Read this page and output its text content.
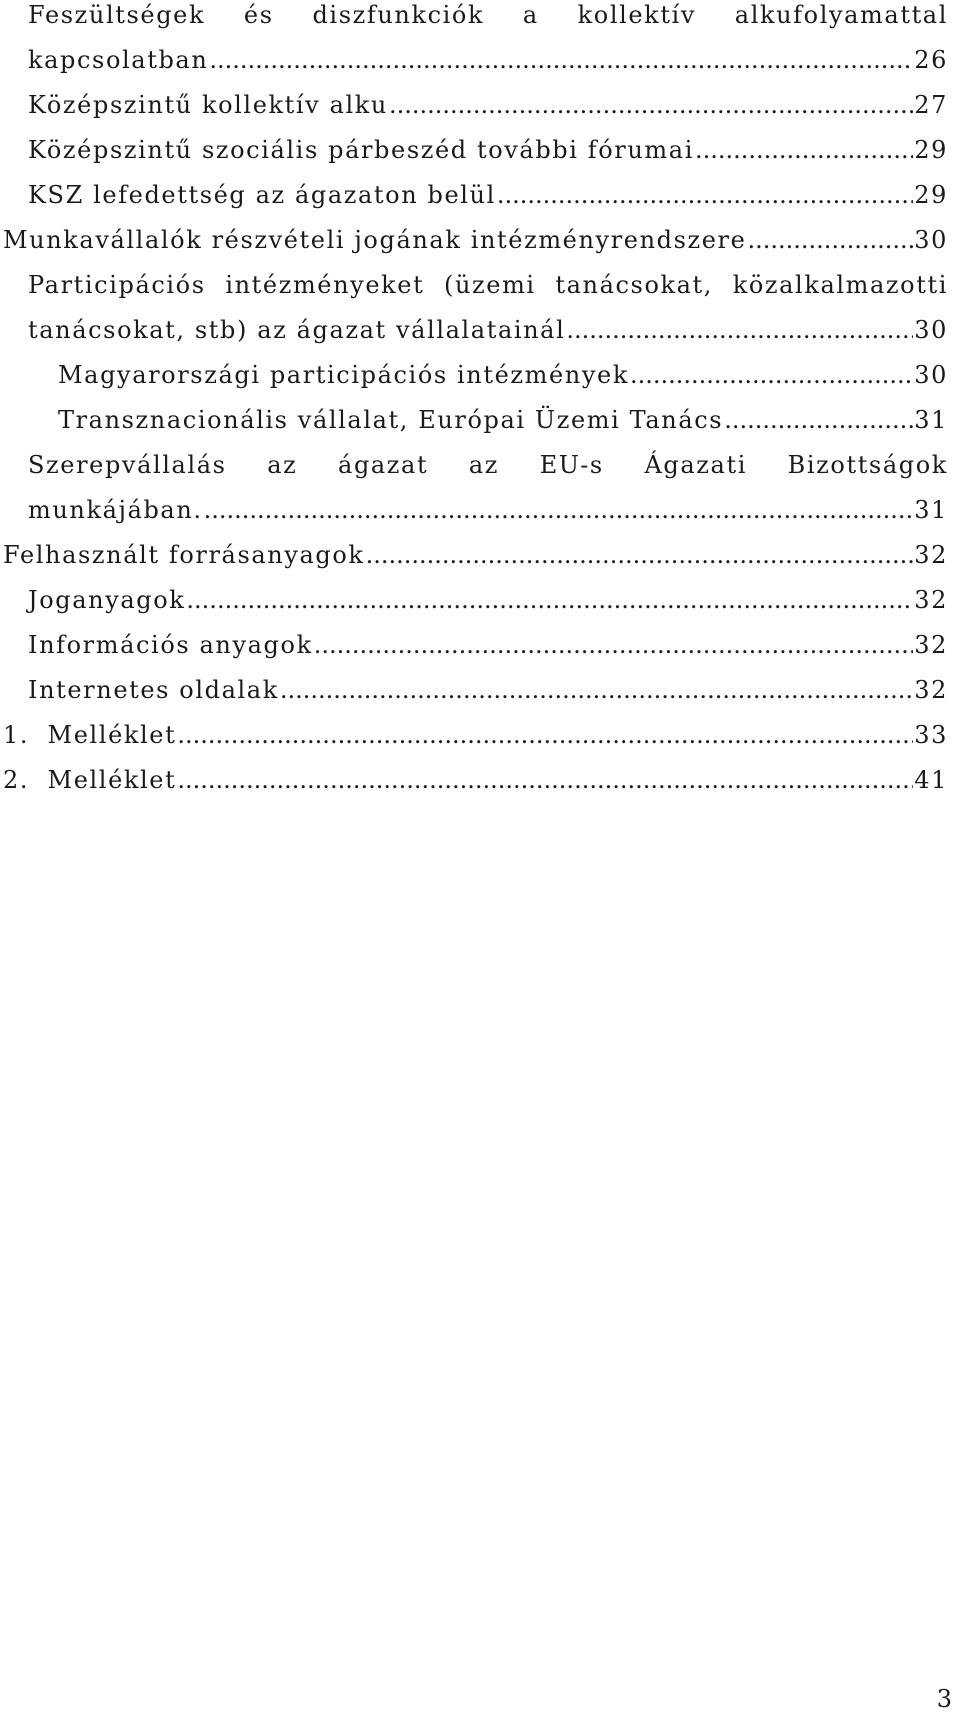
Feszültségek és diszfunkciók a kollektív alkufolyamattal
kapcsolatban .....	26
Középszintű kollektív alku .....	27
Középszintű szociális párbeszéd további fórumai .....	29
KSZ lefedettség az ágazaton belül .....	29
Munkavállalók részvételi jogának intézményrendszere .....	30
Participációs intézményeket (üzemi tanácsokat, közalkalmazotti
tanácsokat, stb) az ágazat vállalatainál .....	30
Magyarországi participációs intézmények .....	30
Transznacionális vállalat, Európai Üzemi Tanács .....	31
Szerepvállalás az ágazat az EU-s Ágazati Bizottságok
munkájában. .....	31
Felhasznált forrásanyagok .....	32
Joganyagok .....	32
Információs anyagok .....	32
Internetes oldalak .....	32
1.  Melléklet .....	33
2.  Melléklet .....	41
3
